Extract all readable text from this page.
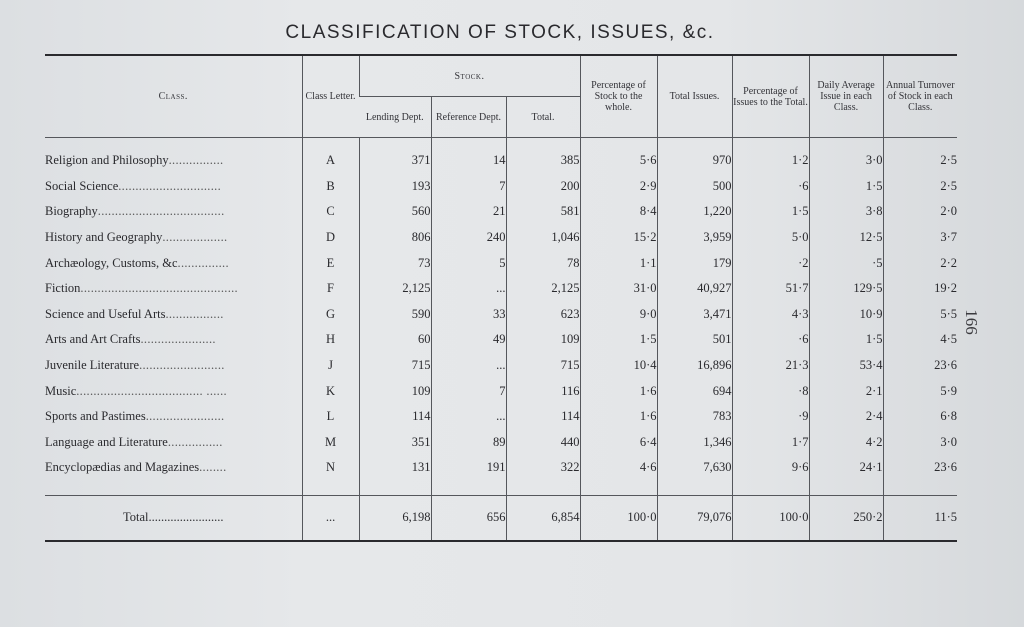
CLASSIFICATION OF STOCK, ISSUES, &c.
166
Class.	Class Letter.	Stock.			Percentage of Stock to the whole.	Total Issues.	Percentage of Issues to the Total.	Daily Average Issue in each Class.	Annual Turnover of Stock in each Class.
		Lending Dept.	Reference Dept.	Total.					

Religion and Philosophy................	A	371	14	385	5·6	970	1·2	3·0	2·5
Social Science..............................	B	193	7	200	2·9	500	·6	1·5	2·5
Biography.....................................	C	560	21	581	8·4	1,220	1·5	3·8	2·0
History and Geography...................	D	806	240	1,046	15·2	3,959	5·0	12·5	3·7
Archæology, Customs, &c...............	E	73	5	78	1·1	179	·2	·5	2·2
Fiction..............................................	F	2,125	...	2,125	31·0	40,927	51·7	129·5	19·2
Science and Useful Arts.................	G	590	33	623	9·0	3,471	4·3	10·9	5·5
Arts and Art Crafts......................	H	60	49	109	1·5	501	·6	1·5	4·5
Juvenile Literature.........................	J	715	...	715	10·4	16,896	21·3	53·4	23·6
Music..................................... ......	K	109	7	116	1·6	694	·8	2·1	5·9
Sports and Pastimes.......................	L	114	...	114	1·6	783	·9	2·4	6·8
Language and Literature................	M	351	89	440	6·4	1,346	1·7	4·2	3·0
Encyclopædias and Magazines........	N	131	191	322	4·6	7,630	9·6	24·1	23·6

Total........................	...	6,198	656	6,854	100·0	79,076	100·0	250·2	11·5
